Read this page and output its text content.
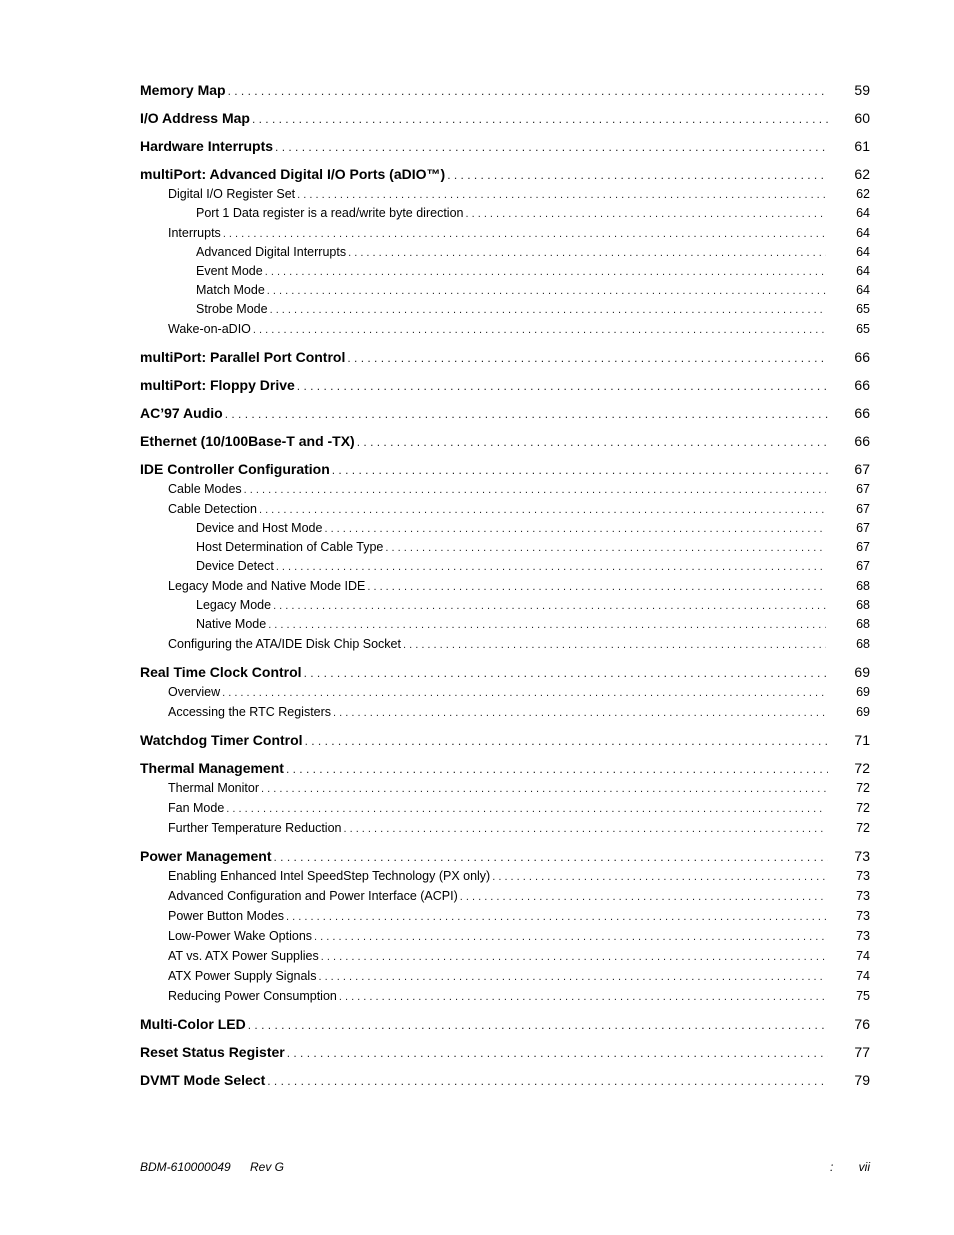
Memory Map . . .	59
I/O Address Map . . .	60
Hardware Interrupts . . .	61
multiPort: Advanced Digital I/O Ports (aDIO™) . . .	62
Digital I/O Register Set . . .	62
Port 1 Data register is a read/write byte direction . . .	64
Interrupts . . .	64
Advanced Digital Interrupts . . .	64
Event Mode . . .	64
Match Mode . . .	64
Strobe Mode . . .	65
Wake-on-aDIO . . .	65
multiPort: Parallel Port Control . . .	66
multiPort: Floppy Drive . . .	66
AC’97 Audio . . .	66
Ethernet (10/100Base-T and -TX) . . .	66
IDE Controller Configuration . . .	67
Cable Modes . . .	67
Cable Detection . . .	67
Device and Host Mode . . .	67
Host Determination of Cable Type . . .	67
Device Detect . . .	67
Legacy Mode and Native Mode IDE . . .	68
Legacy Mode . . .	68
Native Mode . . .	68
Configuring the ATA/IDE Disk Chip Socket . . .	68
Real Time Clock Control . . .	69
Overview . . .	69
Accessing the RTC Registers . . .	69
Watchdog Timer Control . . .	71
Thermal Management . . .	72
Thermal Monitor . . .	72
Fan Mode . . .	72
Further Temperature Reduction . . .	72
Power Management . . .	73
Enabling Enhanced Intel SpeedStep Technology (PX only) . . .	73
Advanced Configuration and Power Interface (ACPI) . . .	73
Power Button Modes . . .	73
Low-Power Wake Options . . .	73
AT vs. ATX Power Supplies . . .	74
ATX Power Supply Signals . . .	74
Reducing Power Consumption . . .	75
Multi-Color LED . . .	76
Reset Status Register . . .	77
DVMT Mode Select . . .	79
BDM-610000049 Rev G	: vii
